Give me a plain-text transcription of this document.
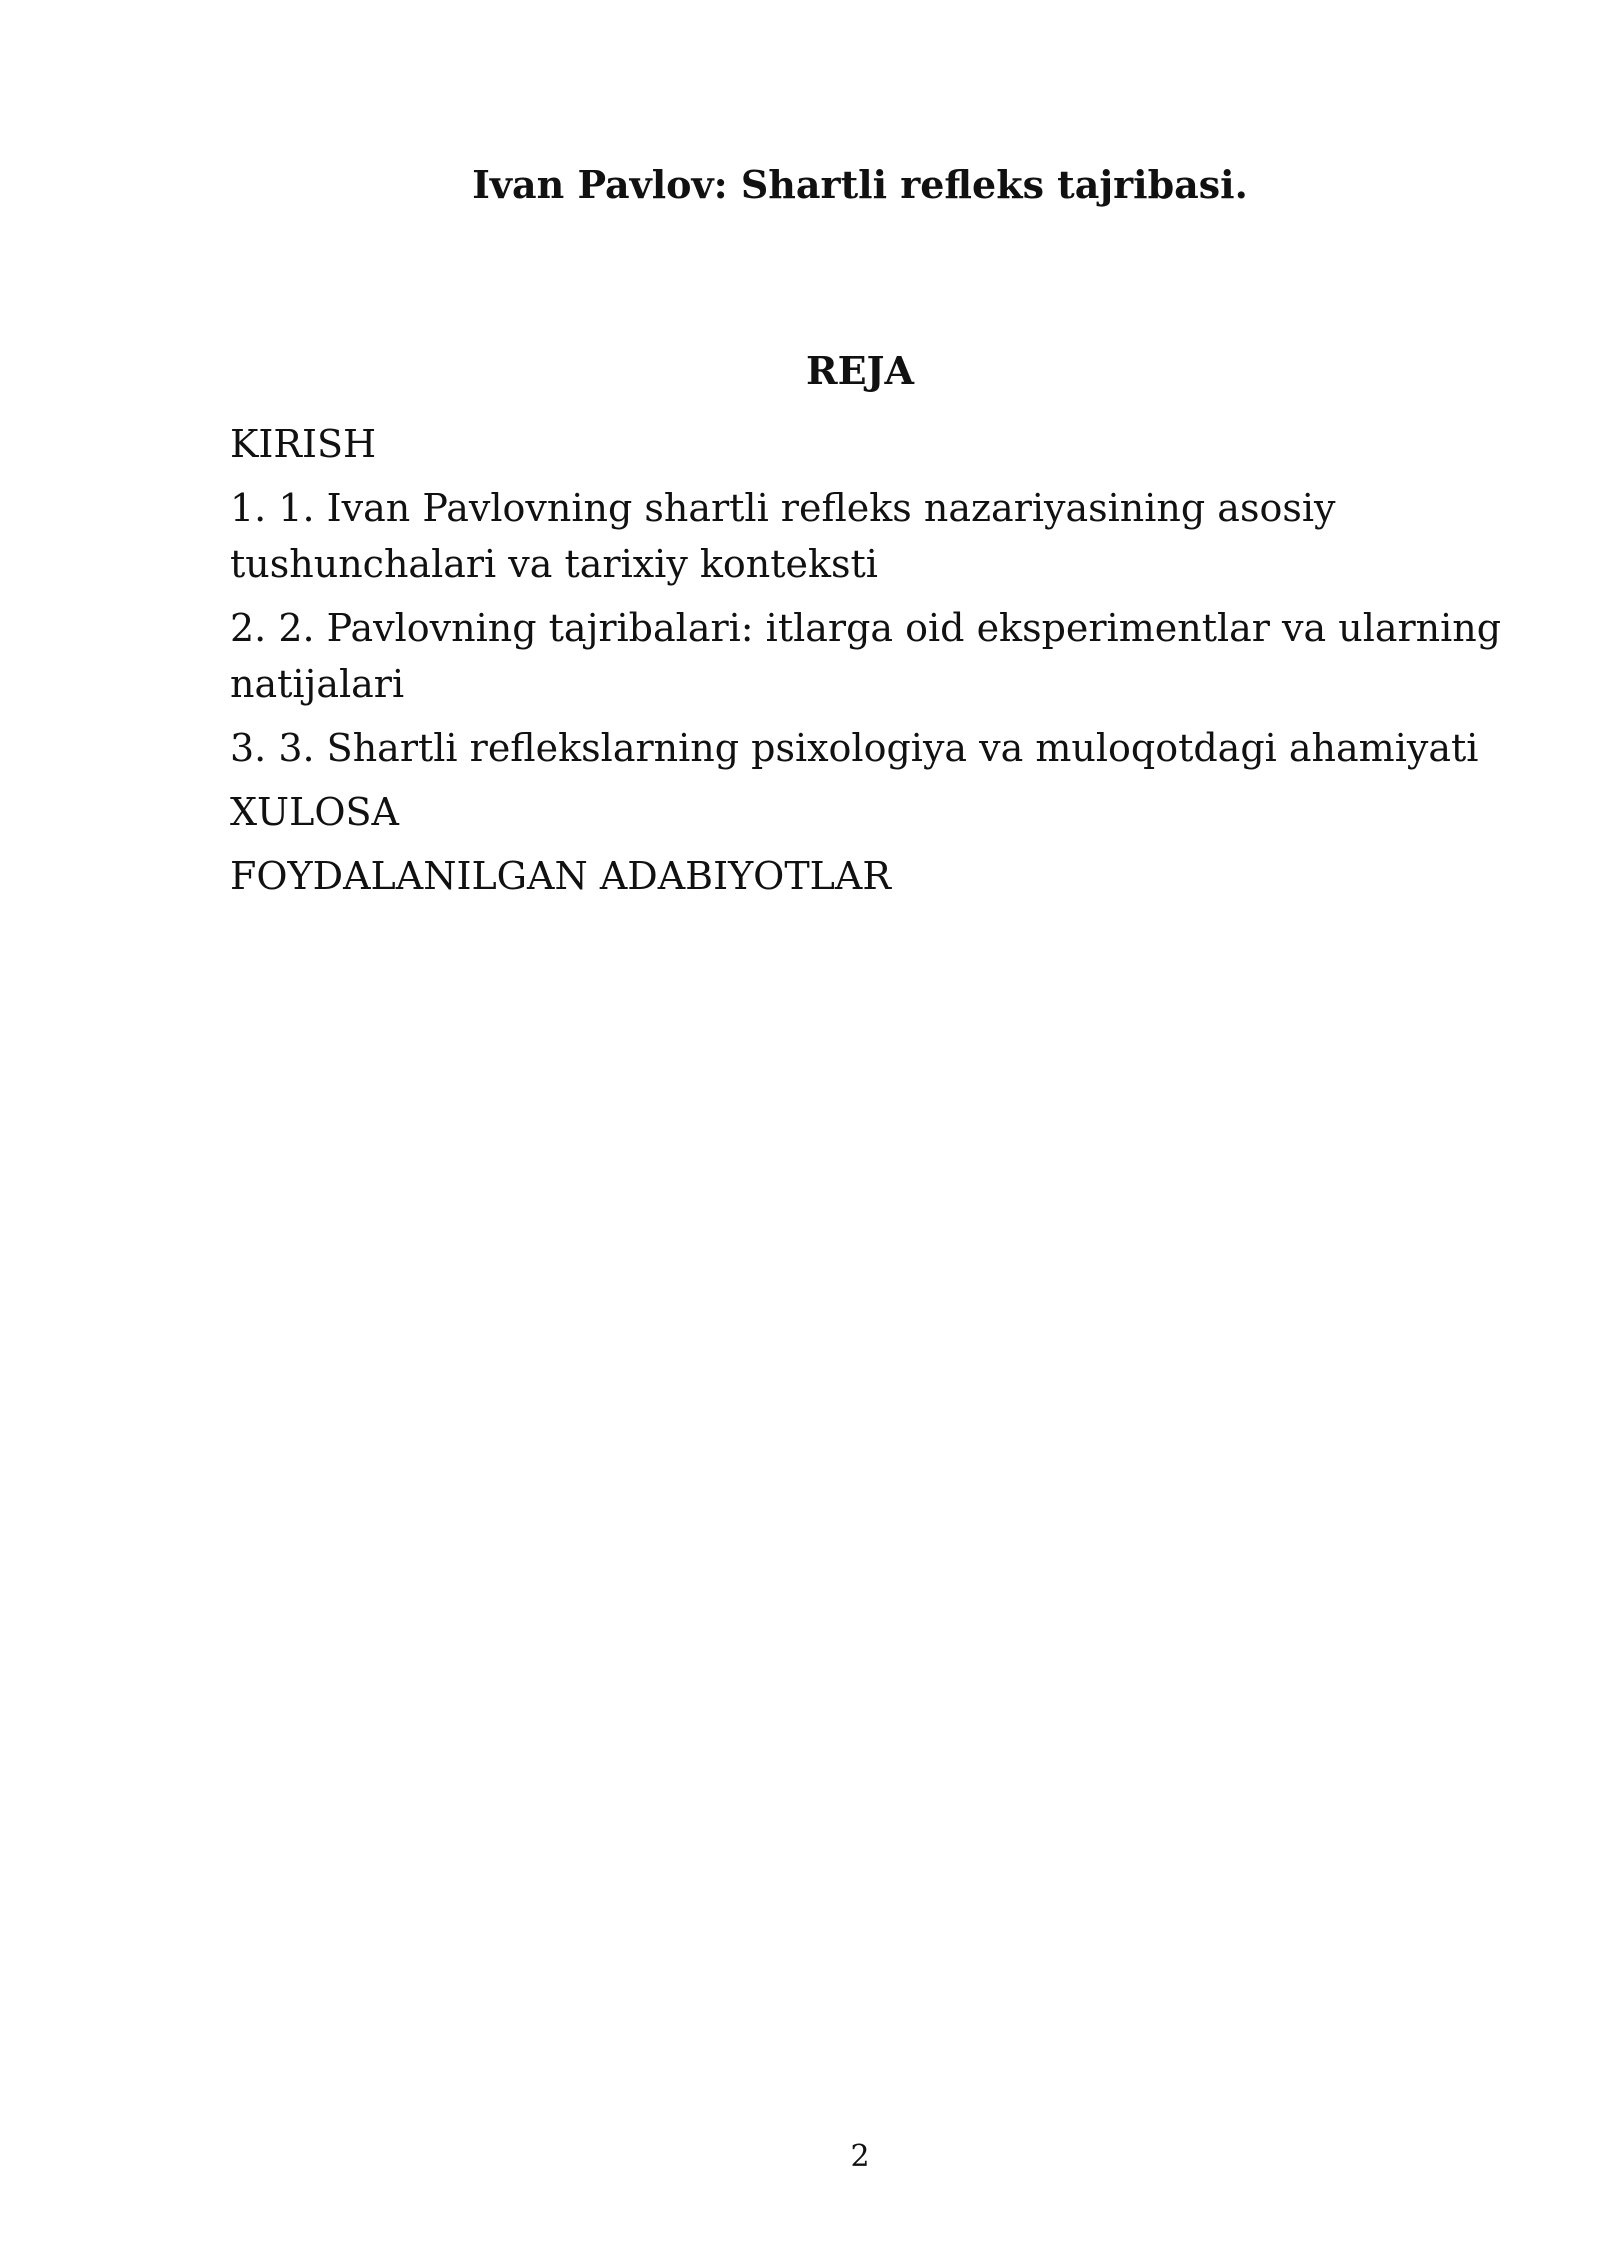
Ivan Pavlov: Shartli refleks tajribasi.
REJA
KIRISH
1. 1. Ivan Pavlovning shartli refleks nazariyasining asosiy tushunchalari va tarixiy konteksti
2. 2. Pavlovning tajribalari: itlarga oid eksperimentlar va ularning natijalari
3. 3. Shartli reflekslarning psixologiya va muloqotdagi ahamiyati
XULOSA
FOYDALANILGAN ADABIYOTLAR
2
